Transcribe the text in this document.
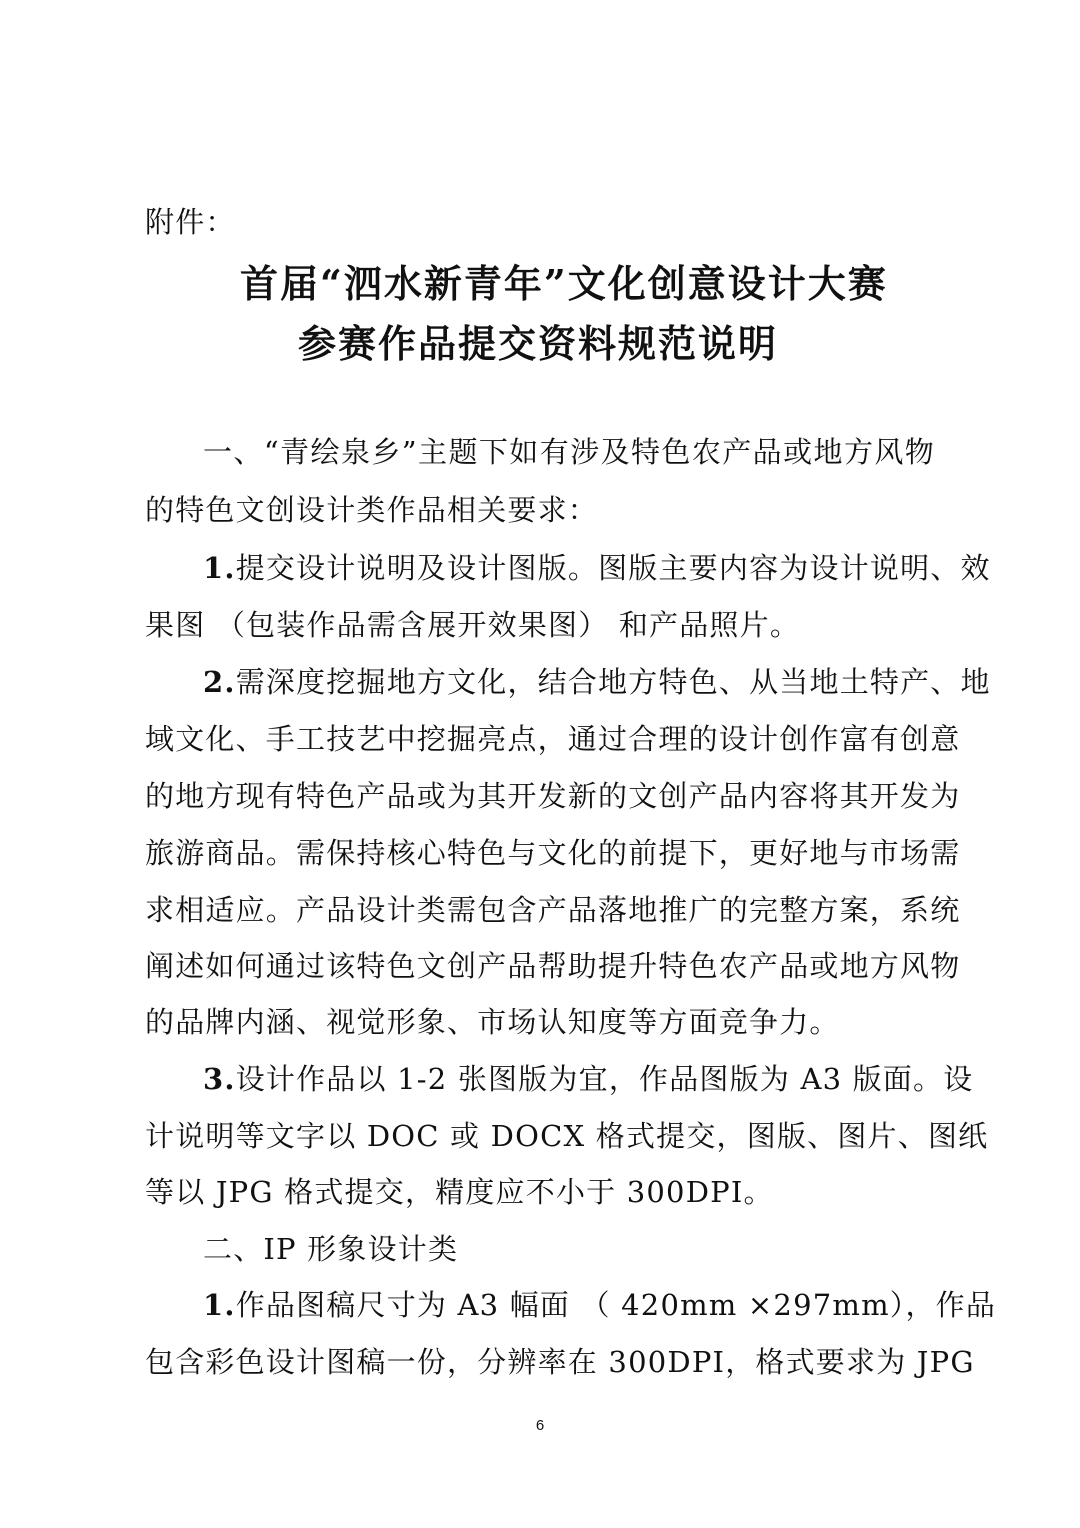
附件：
首届“泗水新青年”文化创意设计大赛
参赛作品提交资料规范说明
一、“青绘泉乡”主题下如有涉及特色农产品或地方风物
的特色文创设计类作品相关要求：
1.提交设计说明及设计图版。图版主要内容为设计说明、效
果图 （包装作品需含展开效果图） 和产品照片。
2.需深度挖掘地方文化，结合地方特色、从当地土特产、地
域文化、手工技艺中挖掘亮点，通过合理的设计创作富有创意
的地方现有特色产品或为其开发新的文创产品内容将其开发为
旅游商品。需保持核心特色与文化的前提下，更好地与市场需
求相适应。产品设计类需包含产品落地推广的完整方案，系统
阐述如何通过该特色文创产品帮助提升特色农产品或地方风物
的品牌内涵、视觉形象、市场认知度等方面竞争力。
3.设计作品以 1-2 张图版为宜，作品图版为 A3 版面。设
计说明等文字以 DOC 或 DOCX 格式提交，图版、图片、图纸
等以 JPG 格式提交，精度应不小于 300DPI。
二、IP 形象设计类
1.作品图稿尺寸为 A3 幅面 （ 420mm ×297mm），作品
包含彩色设计图稿一份，分辨率在 300DPI，格式要求为 JPG
6
